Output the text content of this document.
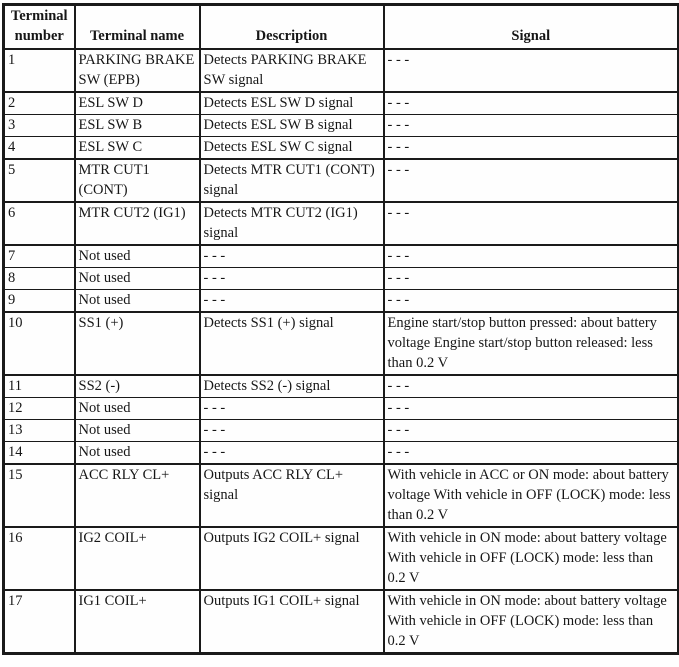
Terminal number	Terminal name	Description	Signal
1	PARKING BRAKE SW (EPB)	Detects PARKING BRAKE SW signal	- - -
2	ESL SW D	Detects ESL SW D signal	- - -
3	ESL SW B	Detects ESL SW B signal	- - -
4	ESL SW C	Detects ESL SW C signal	- - -
5	MTR CUT1 (CONT)	Detects MTR CUT1 (CONT) signal	- - -
6	MTR CUT2 (IG1)	Detects MTR CUT2 (IG1) signal	- - -
7	Not used	- - -	- - -
8	Not used	- - -	- - -
9	Not used	- - -	- - -
10	SS1 (+)	Detects SS1 (+) signal	Engine start/stop button pressed: about battery voltage Engine start/stop button released: less than 0.2 V
11	SS2 (-)	Detects SS2 (-) signal	- - -
12	Not used	- - -	- - -
13	Not used	- - -	- - -
14	Not used	- - -	- - -
15	ACC RLY CL+	Outputs ACC RLY CL+ signal	With vehicle in ACC or ON mode: about battery voltage With vehicle in OFF (LOCK) mode: less than 0.2 V
16	IG2 COIL+	Outputs IG2 COIL+ signal	With vehicle in ON mode: about battery voltage With vehicle in OFF (LOCK) mode: less than 0.2 V
17	IG1 COIL+	Outputs IG1 COIL+ signal	With vehicle in ON mode: about battery voltage With vehicle in OFF (LOCK) mode: less than 0.2 V
